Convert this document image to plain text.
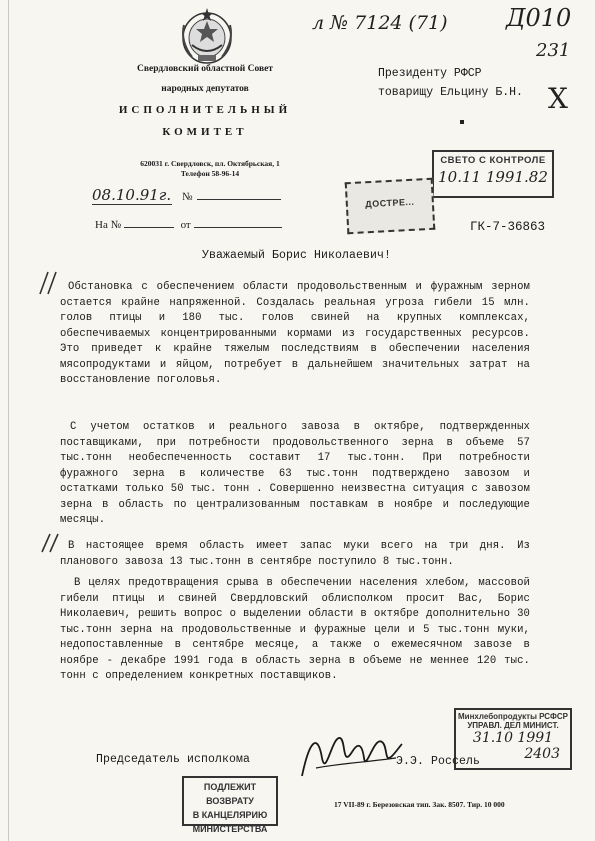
л № 7124 (71) Д010
231
X
Свердловский областной Совет
народных депутатов
ИСПОЛНИТЕЛЬНЫЙ
КОМИТЕТ
620031 г. Свердловск, пл. Октябрьская, 1
Телефон 58-96-14
08.10.91г. №
На №	от
Президенту РФСР
товарищу Ельцину Б.Н.
СВЕТО С КОНТРОЛЕ
10.11 1991.82
ДОСТРЕ...
ГК-7-36863
Уважаемый Борис Николаевич!
Обстановка с обеспечением области продовольственным и фуражным зерном остается крайне напряженной. Создалась реальная угроза гибели 15 млн. голов птицы и 180 тыс. голов свиней на крупных комплексах, обеспечиваемых концентрированными кормами из государственных ресурсов. Это приведет к крайне тяжелым последствиям в обеспечении населения мясопродуктами и яйцом, потребует в дальнейшем значительных затрат на восстановление поголовья.
С учетом остатков и реального завоза в октябре, подтвержденных поставщиками, при потребности продовольственного зерна в объеме 57 тыс.тонн необеспеченность составит 17 тыс.тонн. При потребности фуражного зерна в количестве 63 тыс.тонн подтверждено завозом и остатками только 50 тыс. тонн . Совершенно неизвестна ситуация с завозом зерна в область по централизованным поставкам в ноябре и последующие месяцы.
В настоящее время область имеет запас муки всего на три дня. Из планового завоза 13 тыс.тонн в сентябре поступило 8 тыс.тонн.
В целях предотвращения срыва в обеспечении населения хлебом, массовой гибели птицы и свиней Свердловский облисполком просит Вас, Борис Николаевич, решить вопрос о выделении области в октябре дополнительно 30 тыс.тонн зерна на продовольственные и фуражные цели и 5 тыс.тонн муки, недопоставленные в сентябре месяце, а также о ежемесячном завозе в ноябре - декабре 1991 года в область зерна в объеме не меннее 120 тыс. тонн с определением конкретных поставщиков.
Минхлебопродукты РСФСР
УПРАВЛ. ДЕЛ МИНИСТ.
31.10 1991
2403
Председатель исполкома	Э.Э. Россель
ПОДЛЕЖИТ ВОЗВРАТУ
В КАНЦЕЛЯРИЮ
МИНИСТЕРСТВА
17 VII-89 г. Березовская тип. Зак. 8507. Тир. 10 000
